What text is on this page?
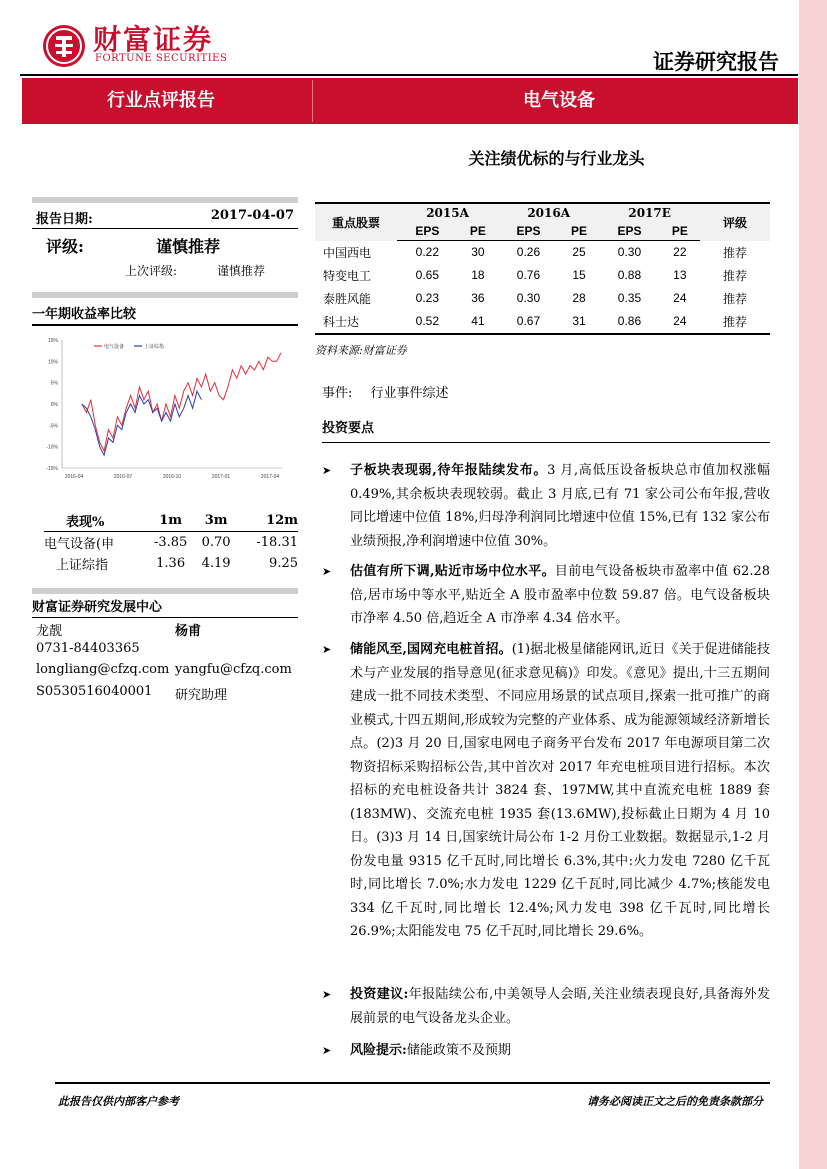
财富证券
FORTUNE SECURITIES	证券研究报告
行业点评报告	电气设备
关注绩优标的与行业龙头
报告日期:	2017-04-07
评级:	谨慎推荐
上次评级:	谨慎推荐
一年期收益率比较
15%
10%
5%
0%
-5%
-10%
-15%
2016-04	2016-07	2016-10	2017-01	2017-04
电气设备	上证综指
表现%	1m	3m	12m
电气设备(申	-3.85	0.70	-18.31
上证综指	1.36	4.19	9.25
财富证券研究发展中心
龙靓	杨甫
0731-84403365
longliang@cfzq.com yangfu@cfzq.com
S0530516040001 研究助理
重点股票	2015A		2016A		2017E		评级
	EPS	PE	EPS	PE	EPS	PE	
中国西电	0.22	30	0.26	25	0.30	22	推荐
特变电工	0.65	18	0.76	15	0.88	13	推荐
泰胜风能	0.23	36	0.30	28	0.35	24	推荐
科士达	0.52	41	0.67	31	0.86	24	推荐
资料来源:财富证券
事件: 行业事件综述
投资要点
➤ 子板块表现弱,待年报陆续发布。3 月,高低压设备板块总市值加权涨幅 0.49%,其余板块表现较弱。截止 3 月底,已有 71 家公司公布年报,营收同比增速中位值 18%,归母净利润同比增速中位值 15%,已有 132 家公布业绩预报,净利润增速中位值 30%。
➤ 估值有所下调,贴近市场中位水平。目前电气设备板块市盈率中值 62.28 倍,居市场中等水平,贴近全 A 股市盈率中位数 59.87 倍。电气设备板块市净率 4.50 倍,趋近全 A 市净率 4.34 倍水平。
➤ 储能风至,国网充电桩首招。(1)据北极星储能网讯,近日《关于促进储能技术与产业发展的指导意见(征求意见稿)》印发。《意见》提出,十三五期间建成一批不同技术类型、不同应用场景的试点项目,探索一批可推广的商业模式,十四五期间,形成较为完整的产业体系、成为能源领域经济新增长点。(2)3 月 20 日,国家电网电子商务平台发布 2017 年电源项目第二次物资招标采购招标公告,其中首次对 2017 年充电桩项目进行招标。本次招标的充电桩设备共计 3824 套、197MW,其中直流充电桩 1889 套(183MW)、交流充电桩 1935 套(13.6MW),投标截止日期为 4 月 10 日。(3)3 月 14 日,国家统计局公布 1-2 月份工业数据。数据显示,1-2 月份发电量 9315 亿千瓦时,同比增长 6.3%,其中:火力发电 7280 亿千瓦时,同比增长 7.0%;水力发电 1229 亿千瓦时,同比减少 4.7%;核能发电 334 亿千瓦时,同比增长 12.4%;风力发电 398 亿千瓦时,同比增长 26.9%;太阳能发电 75 亿千瓦时,同比增长 29.6%。
➤ 投资建议:年报陆续公布,中美领导人会晤,关注业绩表现良好,具备海外发展前景的电气设备龙头企业。
➤ 风险提示:储能政策不及预期
此报告仅供内部客户参考	请务必阅读正文之后的免责条款部分
